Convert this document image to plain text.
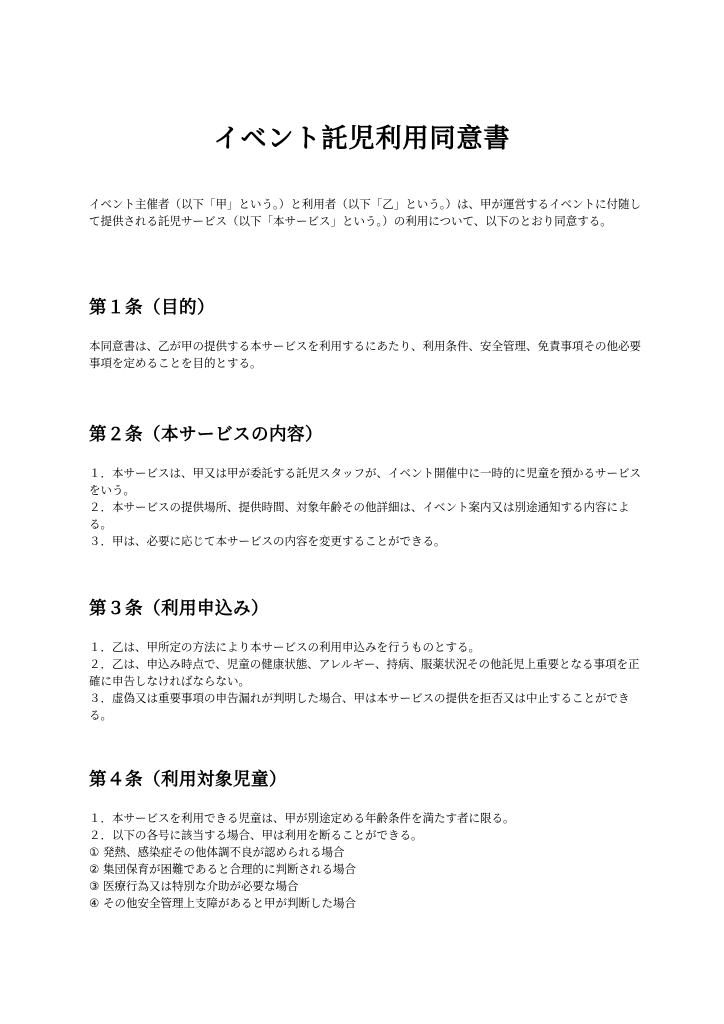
イベント託児利用同意書

イベント主催者（以下「甲」という。）と利用者（以下「乙」という。）は、甲が運営するイベントに付随して提供される託児サービス（以下「本サービス」という。）の利用について、以下のとおり同意する。

第１条（目的）

本同意書は、乙が甲の提供する本サービスを利用するにあたり、利用条件、安全管理、免責事項その他必要事項を定めることを目的とする。

第２条（本サービスの内容）

１．本サービスは、甲又は甲が委託する託児スタッフが、イベント開催中に一時的に児童を預かるサービスをいう。

２．本サービスの提供場所、提供時間、対象年齢その他詳細は、イベント案内又は別途通知する内容による。

３．甲は、必要に応じて本サービスの内容を変更することができる。

第３条（利用申込み）

１．乙は、甲所定の方法により本サービスの利用申込みを行うものとする。

２．乙は、申込み時点で、児童の健康状態、アレルギー、持病、服薬状況その他託児上重要となる事項を正確に申告しなければならない。

３．虚偽又は重要事項の申告漏れが判明した場合、甲は本サービスの提供を拒否又は中止することができる。

第４条（利用対象児童）

１．本サービスを利用できる児童は、甲が別途定める年齢条件を満たす者に限る。

２．以下の各号に該当する場合、甲は利用を断ることができる。

① 発熱、感染症その他体調不良が認められる場合

② 集団保育が困難であると合理的に判断される場合

③ 医療行為又は特別な介助が必要な場合

④ その他安全管理上支障があると甲が判断した場合
